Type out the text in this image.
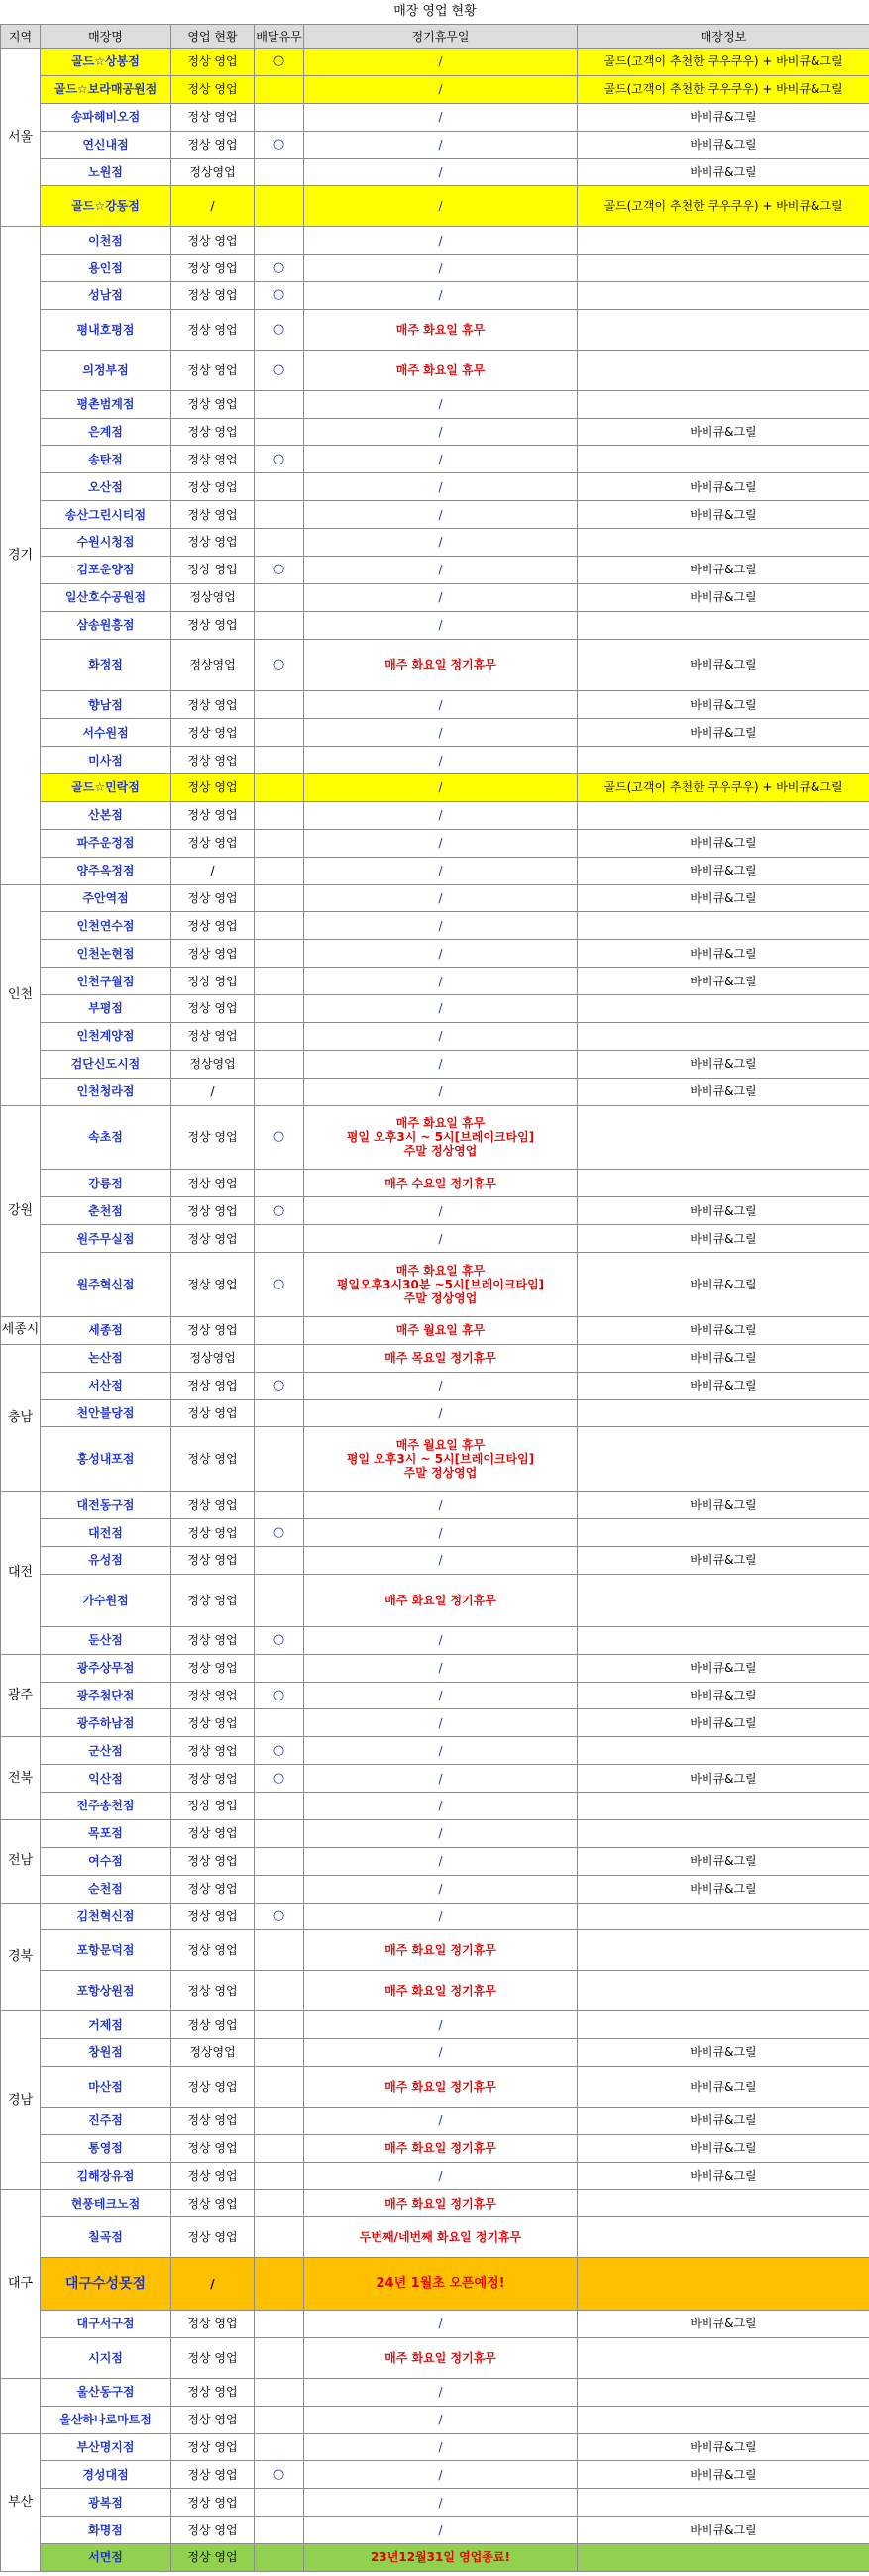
매장 영업 현황					
지역	매장명	영업 현황	배달유무	정기휴무일	매장정보
서울	골드☆상봉점	정상 영업	○	/	골드(고객이 추천한 쿠우쿠우) + 바비큐&그릴
	골드☆보라매공원점	정상 영업		/	골드(고객이 추천한 쿠우쿠우) + 바비큐&그릴
	송파헤비오점	정상 영업		/	바비큐&그릴
	연신내점	정상 영업	○	/	바비큐&그릴
	노원점	정상영업		/	바비큐&그릴
	골드☆강동점	/		/	골드(고객이 추천한 쿠우쿠우) + 바비큐&그릴
경기	이천점	정상 영업		/	

	용인점	정상 영업	○	/	

	성남점	정상 영업	○	/	

	평내호평점	정상 영업	○	매주 화요일 휴무	

	의정부점	정상 영업	○	매주 화요일 휴무	

	평촌범계점	정상 영업		/	

	은계점	정상 영업		/	바비큐&그릴
	송탄점	정상 영업	○	/	

	오산점	정상 영업		/	바비큐&그릴
	송산그린시티점	정상 영업		/	바비큐&그릴
	수원시청점	정상 영업		/	

	김포운양점	정상 영업	○	/	바비큐&그릴
	일산호수공원점	정상영업		/	바비큐&그릴
	삼송원흥점	정상 영업		/	

	화정점	정상영업	○	매주 화요일 정기휴무	바비큐&그릴
	향남점	정상 영업		/	바비큐&그릴
	서수원점	정상 영업		/	바비큐&그릴
	미사점	정상 영업		/	

	골드☆민락점	정상 영업		/	골드(고객이 추천한 쿠우쿠우) + 바비큐&그릴
	산본점	정상 영업		/	

	파주운정점	정상 영업		/	바비큐&그릴
	양주옥정점	/		/	바비큐&그릴
인천	주안역점	정상 영업		/	바비큐&그릴
	인천연수점	정상 영업		/	

	인천논현점	정상 영업		/	바비큐&그릴
	인천구월점	정상 영업		/	바비큐&그릴
	부평점	정상 영업		/	

	인천계양점	정상 영업		/	

	검단신도시점	정상영업		/	바비큐&그릴
	인천청라점	/		/	바비큐&그릴
강원	속초점	정상 영업	○	매주 화요일 휴무
평일 오후3시 ~ 5시[브레이크타임]
주말 정상영업	

	강릉점	정상 영업		매주 수요일 정기휴무	

	춘천점	정상 영업	○	/	바비큐&그릴
	원주무실점	정상 영업		/	바비큐&그릴
	원주혁신점	정상 영업	○	매주 화요일 휴무
평일오후3시30분 ~5시[브레이크타임]
주말 정상영업	바비큐&그릴
세종시	세종점	정상 영업		매주 월요일 휴무	바비큐&그릴
충남	논산점	정상영업		매주 목요일 정기휴무	바비큐&그릴
	서산점	정상 영업	○	/	바비큐&그릴
	천안불당점	정상 영업		/	

	홍성내포점	정상 영업		매주 월요일 휴무
평일 오후3시 ~ 5시[브레이크타임]
주말 정상영업	

대전	대전동구점	정상 영업		/	바비큐&그릴
	대전점	정상 영업	○	/	

	유성점	정상 영업		/	바비큐&그릴
	가수원점	정상 영업		매주 화요일 정기휴무	

	둔산점	정상 영업	○	/	

광주	광주상무점	정상 영업		/	바비큐&그릴
	광주첨단점	정상 영업	○	/	바비큐&그릴
	광주하남점	정상 영업		/	바비큐&그릴
전북	군산점	정상 영업	○	/	

	익산점	정상 영업	○	/	바비큐&그릴
	전주송천점	정상 영업		/	

전남	목포점	정상 영업		/	

	여수점	정상 영업		/	바비큐&그릴
	순천점	정상 영업		/	바비큐&그릴
경북	김천혁신점	정상 영업	○	/	

	포항문덕점	정상 영업		매주 화요일 정기휴무	

	포항상원점	정상 영업		매주 화요일 정기휴무	

경남	거제점	정상 영업		/	

	창원점	정상영업		/	바비큐&그릴
	마산점	정상 영업		매주 화요일 정기휴무	바비큐&그릴
	진주점	정상 영업		/	바비큐&그릴
	통영점	정상 영업		매주 화요일 정기휴무	바비큐&그릴
	김해장유점	정상 영업		/	바비큐&그릴
대구	현풍테크노점	정상 영업		매주 화요일 정기휴무	

	칠곡점	정상 영업		두번째/네번째 화요일 정기휴무	

	대구수성못점	/		24년 1월초 오픈예정!	

	대구서구점	정상 영업		/	바비큐&그릴
	시지점	정상 영업		매주 화요일 정기휴무	

	울산동구점	정상 영업		/	

	울산하나로마트점	정상 영업		/	

부산	부산명지점	정상 영업		/	바비큐&그릴
	경성대점	정상 영업	○	/	바비큐&그릴
	광복점	정상 영업		/	

	화명점	정상 영업		/	바비큐&그릴
	서면점	정상 영업		23년12월31일 영업종료!	
